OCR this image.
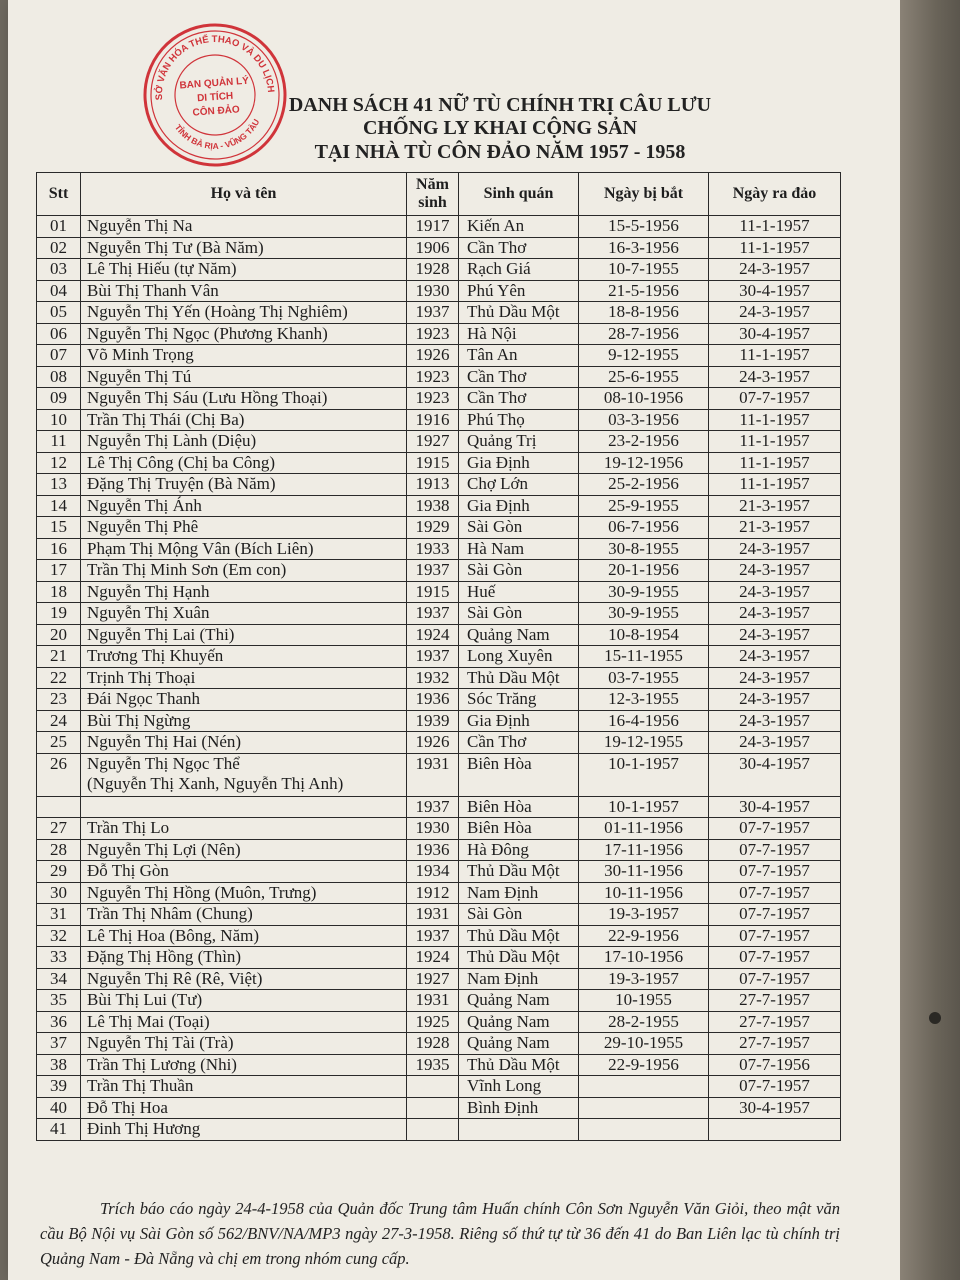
SỞ VĂN HÓA THỂ THAO VÀ DU LỊCH
TỈNH BÀ RỊA - VŨNG TÀU
BAN QUẢN LÝ
DI TÍCH
CÔN ĐẢO	DANH SÁCH 41 NỮ TÙ CHÍNH TRỊ CÂU LƯU
CHỐNG LY KHAI CỘNG SẢN
TẠI NHÀ TÙ CÔN ĐẢO NĂM 1957 - 1958
Stt	Họ và tên	Năm sinh	Sinh quán	Ngày bị bắt	Ngày ra đảo
01	Nguyễn Thị Na	1917	Kiến An	15-5-1956	11-1-1957
02	Nguyễn Thị Tư (Bà Năm)	1906	Cần Thơ	16-3-1956	11-1-1957
03	Lê Thị Hiếu (tự Năm)	1928	Rạch Giá	10-7-1955	24-3-1957
04	Bùi Thị Thanh Vân	1930	Phú Yên	21-5-1956	30-4-1957
05	Nguyễn Thị Yến (Hoàng Thị Nghiêm)	1937	Thủ Dầu Một	18-8-1956	24-3-1957
06	Nguyễn Thị Ngọc (Phương Khanh)	1923	Hà Nội	28-7-1956	30-4-1957
07	Võ Minh Trọng	1926	Tân An	9-12-1955	11-1-1957
08	Nguyễn Thị Tú	1923	Cần Thơ	25-6-1955	24-3-1957
09	Nguyễn Thị Sáu (Lưu Hồng Thoại)	1923	Cần Thơ	08-10-1956	07-7-1957
10	Trần Thị Thái (Chị Ba)	1916	Phú Thọ	03-3-1956	11-1-1957
11	Nguyễn Thị Lành (Diệu)	1927	Quảng Trị	23-2-1956	11-1-1957
12	Lê Thị Công (Chị ba Công)	1915	Gia Định	19-12-1956	11-1-1957
13	Đặng Thị Truyện (Bà Năm)	1913	Chợ Lớn	25-2-1956	11-1-1957
14	Nguyễn Thị Ánh	1938	Gia Định	25-9-1955	21-3-1957
15	Nguyễn Thị Phê	1929	Sài Gòn	06-7-1956	21-3-1957
16	Phạm Thị Mộng Vân (Bích Liên)	1933	Hà Nam	30-8-1955	24-3-1957
17	Trần Thị Minh Sơn (Em con)	1937	Sài Gòn	20-1-1956	24-3-1957
18	Nguyễn Thị Hạnh	1915	Huế	30-9-1955	24-3-1957
19	Nguyễn Thị Xuân	1937	Sài Gòn	30-9-1955	24-3-1957
20	Nguyễn Thị Lai (Thi)	1924	Quảng Nam	10-8-1954	24-3-1957
21	Trương Thị Khuyến	1937	Long Xuyên	15-11-1955	24-3-1957
22	Trịnh Thị Thoại	1932	Thủ Dầu Một	03-7-1955	24-3-1957
23	Đái Ngọc Thanh	1936	Sóc Trăng	12-3-1955	24-3-1957
24	Bùi Thị Ngừng	1939	Gia Định	16-4-1956	24-3-1957
25	Nguyễn Thị Hai (Nén)	1926	Cần Thơ	19-12-1955	24-3-1957
26	Nguyễn Thị Ngọc Thể
(Nguyễn Thị Xanh, Nguyễn Thị Anh)	1931	Biên Hòa	10-1-1957	30-4-1957
		1937	Biên Hòa	10-1-1957	30-4-1957
27	Trần Thị Lo	1930	Biên Hòa	01-11-1956	07-7-1957
28	Nguyễn Thị Lợi (Nên)	1936	Hà Đông	17-11-1956	07-7-1957
29	Đỗ Thị Gòn	1934	Thủ Dầu Một	30-11-1956	07-7-1957
30	Nguyễn Thị Hồng (Muôn, Trưng)	1912	Nam Định	10-11-1956	07-7-1957
31	Trần Thị Nhâm (Chung)	1931	Sài Gòn	19-3-1957	07-7-1957
32	Lê Thị Hoa (Bông, Năm)	1937	Thủ Dầu Một	22-9-1956	07-7-1957
33	Đặng Thị Hồng (Thìn)	1924	Thủ Dầu Một	17-10-1956	07-7-1957
34	Nguyễn Thị Rê (Rê, Việt)	1927	Nam Định	19-3-1957	07-7-1957
35	Bùi Thị Lui (Tư)	1931	Quảng Nam	10-1955	27-7-1957
36	Lê Thị Mai (Toại)	1925	Quảng Nam	28-2-1955	27-7-1957
37	Nguyễn Thị Tài (Trà)	1928	Quảng Nam	29-10-1955	27-7-1957
38	Trần Thị Lương (Nhi)	1935	Thủ Dầu Một	22-9-1956	07-7-1956
39	Trần Thị Thuần		Vĩnh Long		07-7-1957
40	Đỗ Thị Hoa		Bình Định		30-4-1957
41	Đinh Thị Hương				
Trích báo cáo ngày 24-4-1958 của Quản đốc Trung tâm Huấn chính Côn Sơn Nguyễn Văn Giỏi, theo mật văn cầu Bộ Nội vụ Sài Gòn số 562/BNV/NA/MP3 ngày 27-3-1958. Riêng số thứ tự từ 36 đến 41 do Ban Liên lạc tù chính trị Quảng Nam - Đà Nẵng và chị em trong nhóm cung cấp.
